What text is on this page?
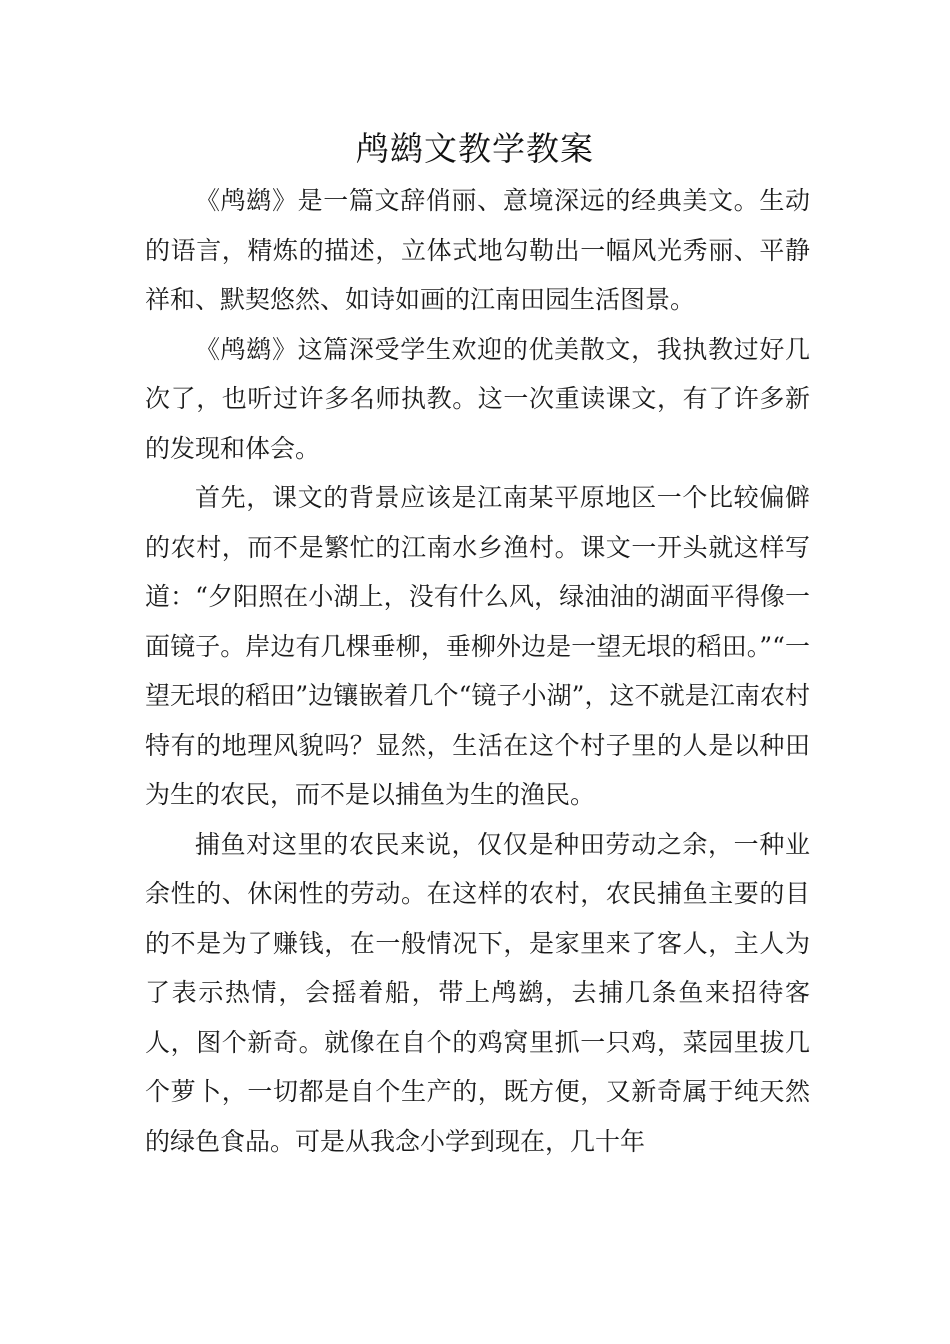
鸬鹚文教学教案

《鸬鹚》是一篇文辞俏丽、意境深远的经典美文。生动的语言，精炼的描述，立体式地勾勒出一幅风光秀丽、平静祥和、默契悠然、如诗如画的江南田园生活图景。

《鸬鹚》这篇深受学生欢迎的优美散文，我执教过好几次了，也听过许多名师执教。这一次重读课文，有了许多新的发现和体会。

首先，课文的背景应该是江南某平原地区一个比较偏僻的农村，而不是繁忙的江南水乡渔村。课文一开头就这样写道：“夕阳照在小湖上，没有什么风，绿油油的湖面平得像一面镜子。岸边有几棵垂柳，垂柳外边是一望无垠的稻田。”“一望无垠的稻田”边镶嵌着几个“镜子小湖”，这不就是江南农村特有的地理风貌吗？显然，生活在这个村子里的人是以种田为生的农民，而不是以捕鱼为生的渔民。

捕鱼对这里的农民来说，仅仅是种田劳动之余，一种业余性的、休闲性的劳动。在这样的农村，农民捕鱼主要的目的不是为了赚钱，在一般情况下，是家里来了客人，主人为了表示热情，会摇着船，带上鸬鹚，去捕几条鱼来招待客人，图个新奇。就像在自个的鸡窝里抓一只鸡，菜园里拔几个萝卜，一切都是自个生产的，既方便，又新奇属于纯天然的绿色食品。可是从我念小学到现在，几十年
